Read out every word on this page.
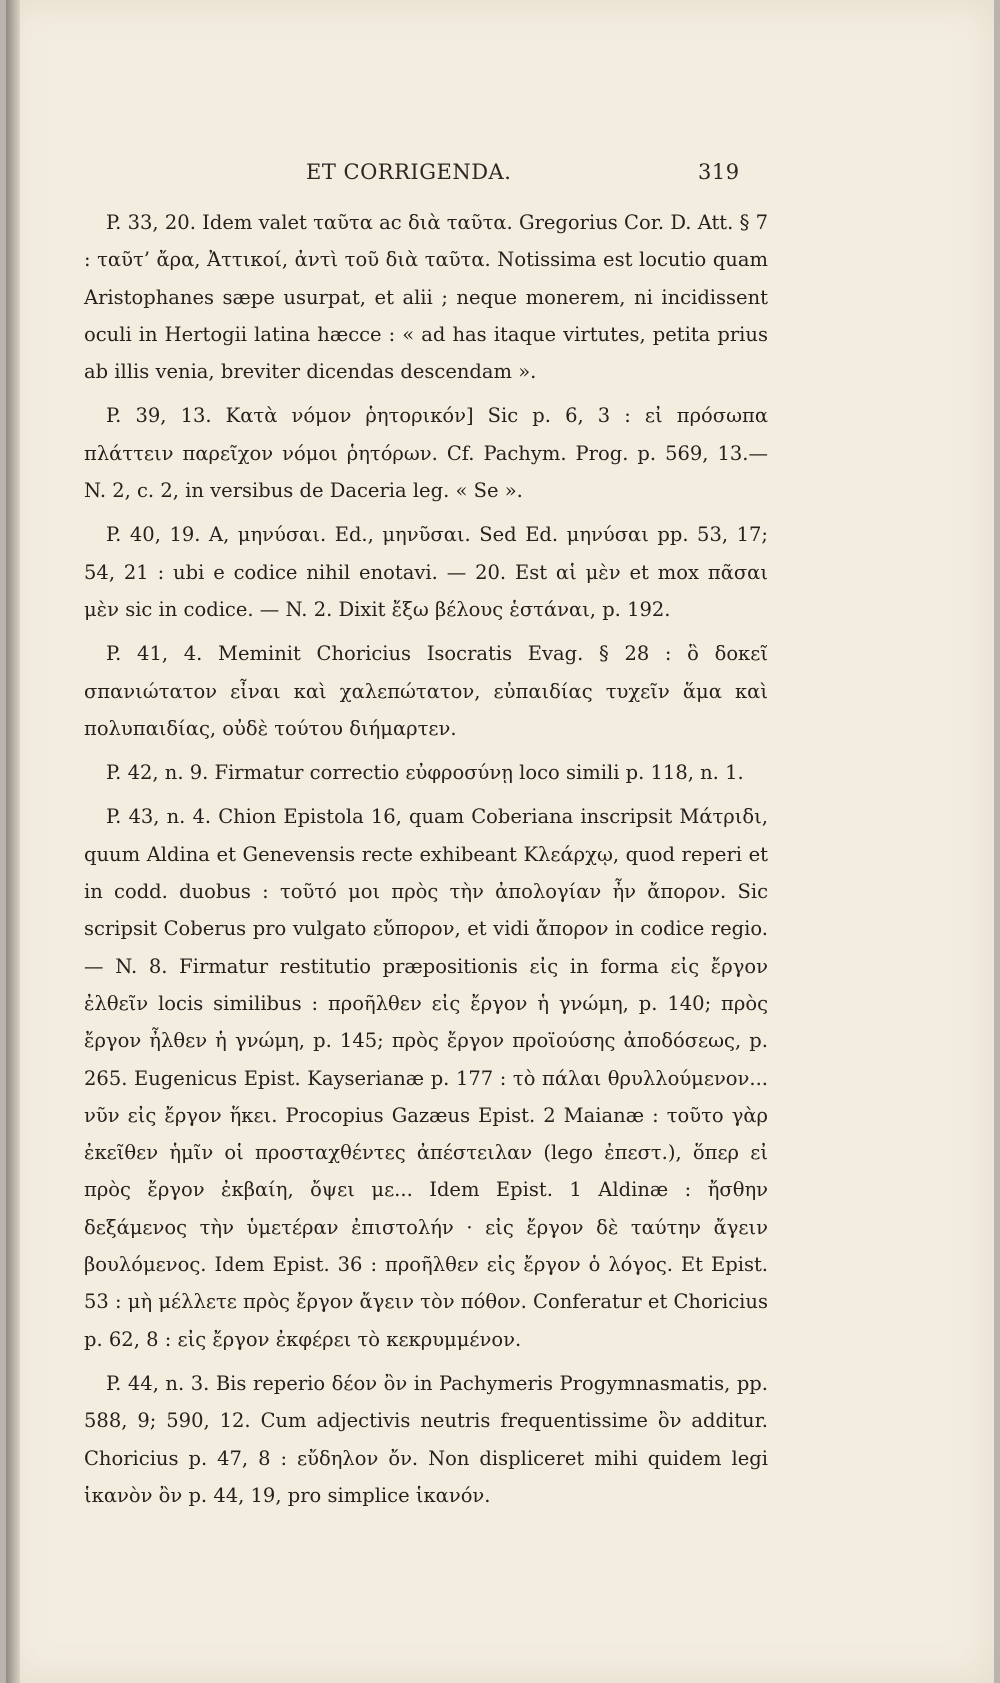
ET CORRIGENDA.	319

P. 33, 20. Idem valet ταῦτα ac διὰ ταῦτα. Gregorius Cor. D. Att. § 7 : ταῦτ’ ἄρα, Ἀττικοί, ἀντὶ τοῦ διὰ ταῦτα. Notissima est locutio quam Aristophanes sæpe usurpat, et alii ; neque monerem, ni incidissent oculi in Hertogii latina hæcce : « ad has itaque virtutes, petita prius ab illis venia, breviter dicendas descendam ».

P. 39, 13. Κατὰ νόμον ῥητορικόν] Sic p. 6, 3 : εἰ πρόσωπα πλάττειν παρεῖχον νόμοι ῥητόρων. Cf. Pachym. Prog. p. 569, 13.— N. 2, c. 2, in versibus de Daceria leg. « Se ».

P. 40, 19. A, μηνύσαι. Ed., μηνῦσαι. Sed Ed. μηνύσαι pp. 53, 17; 54, 21 : ubi e codice nihil enotavi. — 20. Est αἱ μὲν et mox πᾶσαι μὲν sic in codice. — N. 2. Dixit ἔξω βέλους ἑστάναι, p. 192.

P. 41, 4. Meminit Choricius Isocratis Evag. § 28 : ὃ δοκεῖ σπανιώτατον εἶναι καὶ χαλεπώτατον, εὐπαιδίας τυχεῖν ἅμα καὶ πολυπαιδίας, οὐδὲ τούτου διήμαρτεν.

P. 42, n. 9. Firmatur correctio εὐφροσύνῃ loco simili p. 118, n. 1.

P. 43, n. 4. Chion Epistola 16, quam Coberiana inscripsit Μάτριδι, quum Aldina et Genevensis recte exhibeant Κλεάρχῳ, quod reperi et in codd. duobus : τοῦτό μοι πρὸς τὴν ἀπολογίαν ἦν ἄπορον. Sic scripsit Coberus pro vulgato εὔπορον, et vidi ἄπορον in codice regio. — N. 8. Firmatur restitutio præpositionis εἰς in forma εἰς ἔργον ἐλθεῖν locis similibus : προῆλθεν εἰς ἔργον ἡ γνώμη, p. 140; πρὸς ἔργον ἦλθεν ἡ γνώμη, p. 145; πρὸς ἔργον προϊούσης ἀποδόσεως, p. 265. Eugenicus Epist. Kayserianæ p. 177 : τὸ πάλαι θρυλλούμενον... νῦν εἰς ἔργον ἥκει. Procopius Gazæus Epist. 2 Maianæ : τοῦτο γὰρ ἐκεῖθεν ἡμῖν οἱ προσταχθέντες ἀπέστειλαν (lego ἐπεστ.), ὅπερ εἰ πρὸς ἔργον ἐκβαίη, ὄψει με... Idem Epist. 1 Aldinæ : ἤσθην δεξάμενος τὴν ὑμετέραν ἐπιστολήν · εἰς ἔργον δὲ ταύτην ἄγειν βουλόμενος. Idem Epist. 36 : προῆλθεν εἰς ἔργον ὁ λόγος. Et Epist. 53 : μὴ μέλλετε πρὸς ἔργον ἄγειν τὸν πόθον. Conferatur et Choricius p. 62, 8 : εἰς ἔργον ἐκφέρει τὸ κεκρυμμένον.

P. 44, n. 3. Bis reperio δέον ὂν in Pachymeris Progymnasmatis, pp. 588, 9; 590, 12. Cum adjectivis neutris frequentissime ὂν additur. Choricius p. 47, 8 : εὔδηλον ὄν. Non displiceret mihi quidem legi ἱκανὸν ὂν p. 44, 19, pro simplice ἱκανόν.
